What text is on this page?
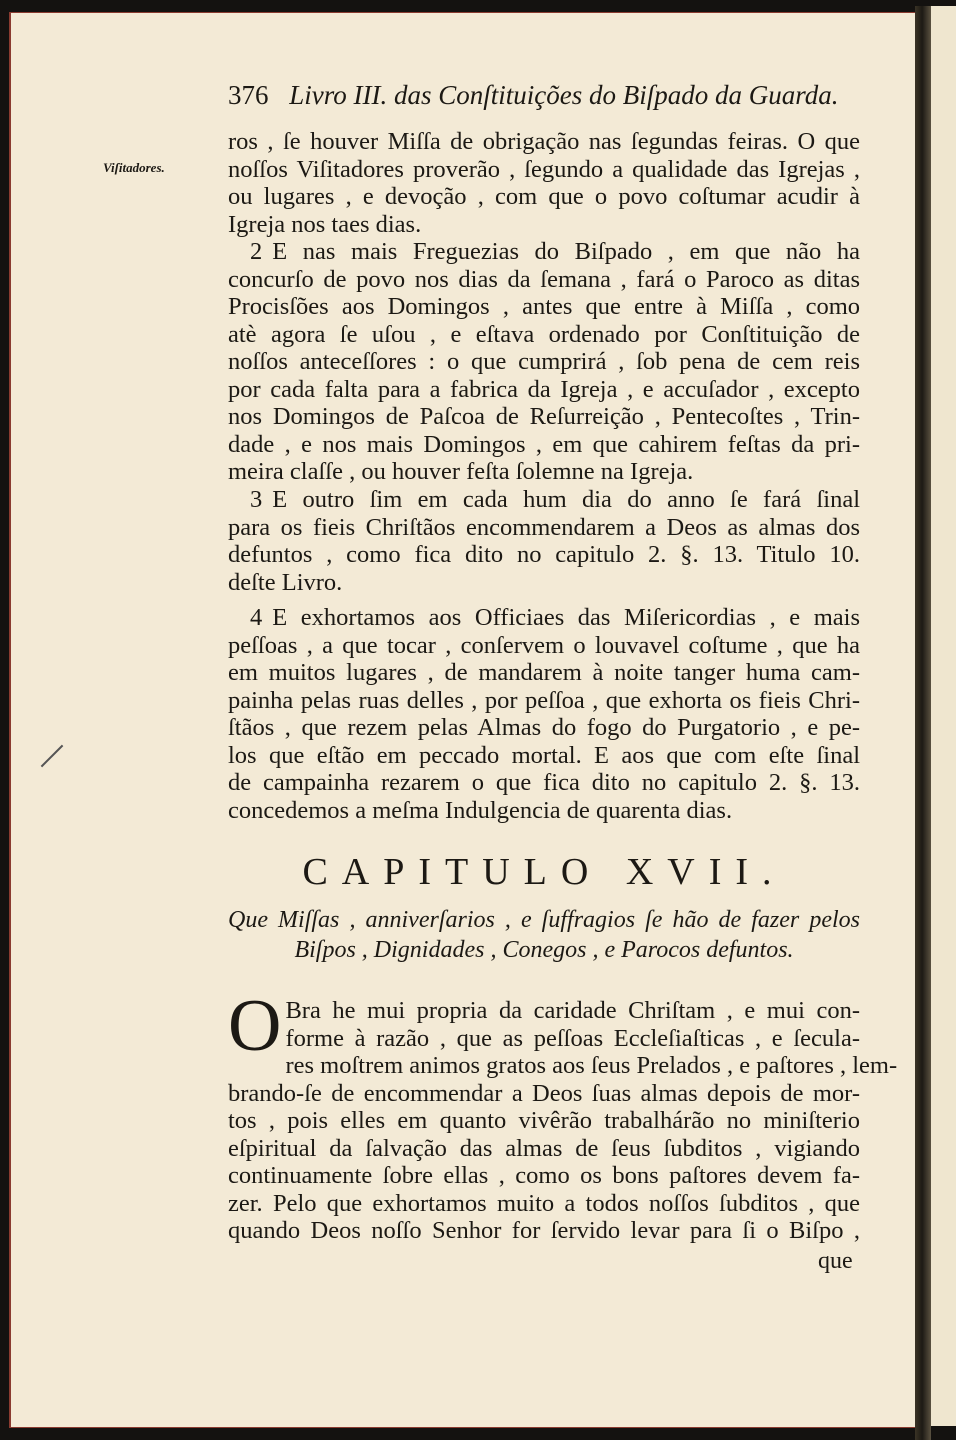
376 Livro III. das Conſtituições do Biſpado da Guarda.
Viſitadores.
ros , ſe houver Miſſa de obrigação nas ſegundas feiras. O que
noſſos Viſitadores proverão , ſegundo a qualidade das Igrejas ,
ou lugares , e devoção , com que o povo coſtumar acudir à
Igreja nos taes dias.
2 E nas mais Freguezias do Biſpado , em que não ha
concurſo de povo nos dias da ſemana , fará o Paroco as ditas
Procisſões aos Domingos , antes que entre à Miſſa , como
atè agora ſe uſou , e eſtava ordenado por Conſtituição de
noſſos anteceſſores : o que cumprirá , ſob pena de cem reis
por cada falta para a fabrica da Igreja , e accuſador , excepto
nos Domingos de Paſcoa de Reſurreição , Pentecoſtes , Trin-
dade , e nos mais Domingos , em que cahirem feſtas da pri-
meira claſſe , ou houver feſta ſolemne na Igreja.
3 E outro ſim em cada hum dia do anno ſe fará ſinal
para os fieis Chriſtãos encommendarem a Deos as almas dos
defuntos , como fica dito no capitulo 2. §. 13. Titulo 10.
deſte Livro.
4 E exhortamos aos Officiaes das Miſericordias , e mais
peſſoas , a que tocar , conſervem o louvavel coſtume , que ha
em muitos lugares , de mandarem à noite tanger huma cam-
painha pelas ruas delles , por peſſoa , que exhorta os fieis Chri-
ſtãos , que rezem pelas Almas do fogo do Purgatorio , e pe-
los que eſtão em peccado mortal. E aos que com eſte ſinal
de campainha rezarem o que fica dito no capitulo 2. §. 13.
concedemos a meſma Indulgencia de quarenta dias.
CAPITULO XVII.
Que Miſſas , anniverſarios , e ſuffragios ſe hão de fazer pelos
Biſpos , Dignidades , Conegos , e Parocos defuntos.
O Bra he mui propria da caridade Chriſtam , e mui con-
forme à razão , que as peſſoas Eccleſiaſticas , e ſecula-
res moſtrem animos gratos aos ſeus Prelados , e paſtores , lem-
brando-ſe de encommendar a Deos ſuas almas depois de mor-
tos , pois elles em quanto vivêrão trabalhárão no miniſterio
eſpiritual da ſalvação das almas de ſeus ſubditos , vigiando
continuamente ſobre ellas , como os bons paſtores devem fa-
zer. Pelo que exhortamos muito a todos noſſos ſubditos , que
quando Deos noſſo Senhor for ſervido levar para ſi o Biſpo ,
que
